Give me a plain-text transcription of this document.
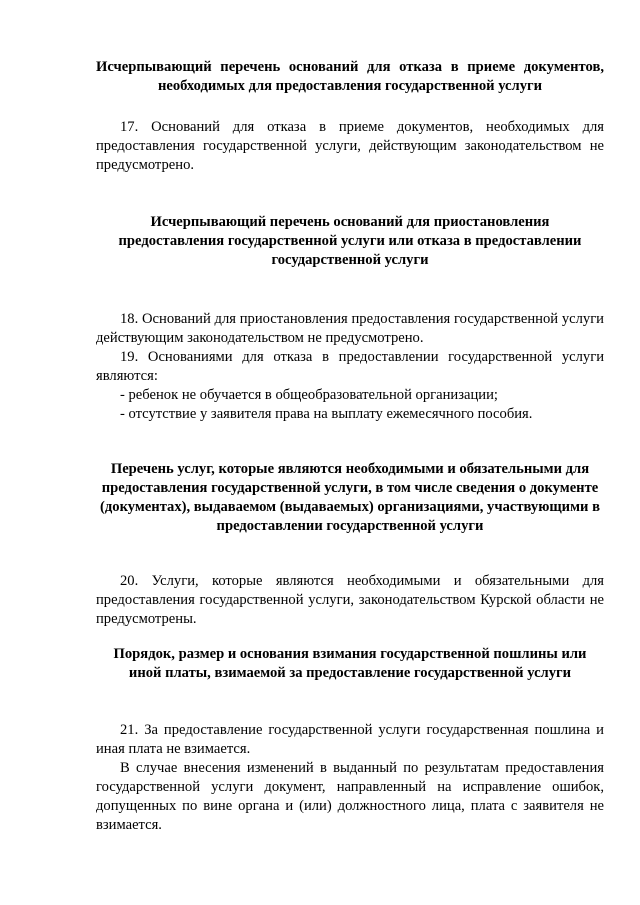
Исчерпывающий перечень оснований для отказа в приеме документов, необходимых для предоставления государственной услуги

17. Оснований для отказа в приеме документов, необходимых для предоставления государственной услуги, действующим законодательством не предусмотрено.

Исчерпывающий перечень оснований для приостановления предоставления государственной услуги или отказа в предоставлении государственной услуги

18. Оснований для приостановления предоставления государственной услуги действующим законодательством не предусмотрено.

19. Основаниями для отказа в предоставлении государственной услуги являются:

- ребенок не обучается в общеобразовательной организации;

- отсутствие у заявителя права на выплату ежемесячного пособия.

Перечень услуг, которые являются необходимыми и обязательными для предоставления государственной услуги, в том числе сведения о документе (документах), выдаваемом (выдаваемых) организациями, участвующими в предоставлении государственной услуги

20. Услуги, которые являются необходимыми и обязательными для предоставления государственной услуги, законодательством Курской области не предусмотрены.

Порядок, размер и основания взимания государственной пошлины или иной платы, взимаемой за предоставление государственной услуги

21. За предоставление государственной услуги государственная пошлина и иная плата не взимается.

В случае внесения изменений в выданный по результатам предоставления государственной услуги документ, направленный на исправление ошибок, допущенных по вине органа и (или) должностного лица, плата с заявителя не взимается.
